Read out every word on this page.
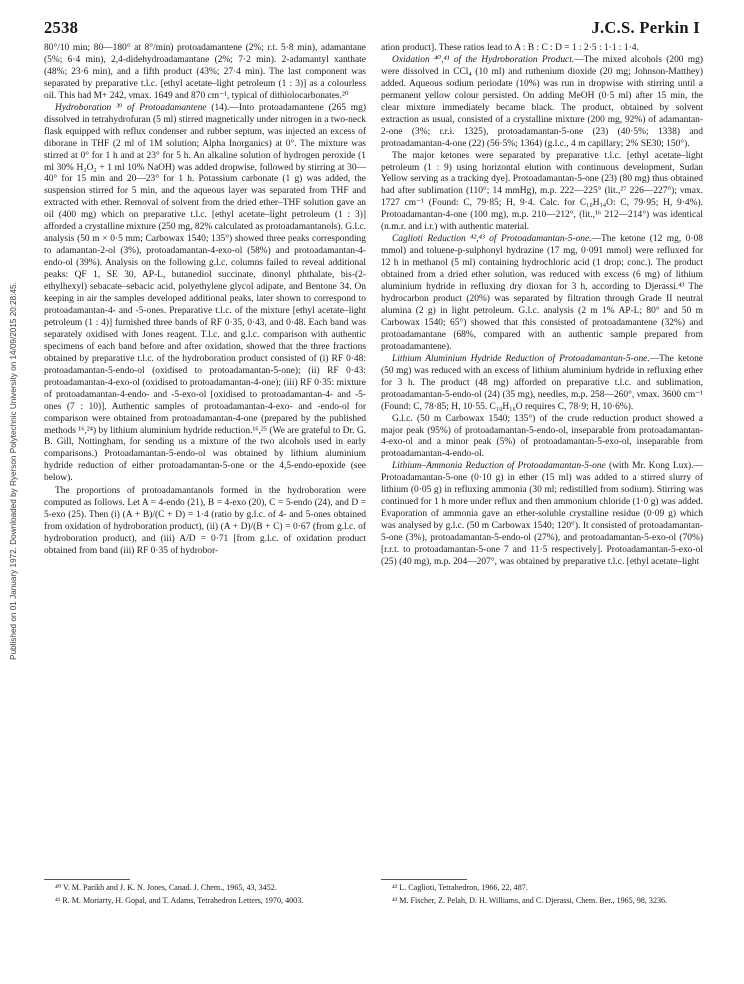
2538	J.C.S. Perkin I
Published on 01 January 1972. Downloaded by Ryerson Polytechnic University on 14/09/2015 20:28:45.

80°/10 min; 80—180° at 8°/min) protoadamantene (2%; r.t. 5·8 min), adamantane (5%; 6·4 min), 2,4-didehydroadamantane (2%; 7·2 min). 2-adamantyl xanthate (48%; 23·6 min), and a fifth product (43%; 27·4 min). The last component was separated by preparative t.l.c. [ethyl acetate–light petroleum (1 : 3)] as a colourless oil. This had M+ 242, νmax. 1649 and 870 cm⁻¹, typical of dithiolocarbonates.²⁰

Hydroboration ³⁹ of Protoadamantene (14).—Into protoadamantene (265 mg) dissolved in tetrahydrofuran (5 ml) stirred magnetically under nitrogen in a two-neck flask equipped with reflux condenser and rubber septum, was injected an excess of diborane in THF (2 ml of 1M solution; Alpha Inorganics) at 0°. The mixture was stirred at 0° for 1 h and at 23° for 5 h. An alkaline solution of hydrogen peroxide (1 ml 30% H₂O₂ + 1 ml 10% NaOH) was added dropwise, followed by stirring at 30—40° for 15 min and 20—23° for 1 h. Potassium carbonate (1 g) was added, the suspension stirred for 5 min, and the aqueous layer was separated from THF and extracted with ether. Removal of solvent from the dried ether–THF solution gave an oil (400 mg) which on preparative t.l.c. [ethyl acetate–light petroleum (1 : 3)] afforded a crystalline mixture (250 mg, 82% calculated as protoadamantanols). G.l.c. analysis (50 m × 0·5 mm; Carbowax 1540; 135°) showed three peaks corresponding to adamantan-2-ol (3%), protoadamantan-4-exo-ol (58%) and protoadamantan-4-endo-ol (39%). Analysis on the following g.l.c. columns failed to reveal additional peaks: QF 1, SE 30, AP-L, butanediol succinate, dinonyl phthalate, bis-(2-ethylhexyl) sebacate–sebacic acid, polyethylene glycol adipate, and Bentone 34. On keeping in air the samples developed additional peaks, later shown to correspond to protoadamantan-4- and -5-ones. Preparative t.l.c. of the mixture [ethyl acetate–light petroleum (1 : 4)] furnished three bands of RF 0·35, 0·43, and 0·48. Each band was separately oxidised with Jones reagent. T.l.c. and g.l.c. comparison with authentic specimens of each band before and after oxidation, showed that the three fractions obtained by preparative t.l.c. of the hydroboration product consisted of (i) RF 0·48: protoadamantan-5-endo-ol (oxidised to protoadamantan-5-one); (ii) RF 0·43: protoadamantan-4-exo-ol (oxidised to protoadamantan-4-one); (iii) RF 0·35: mixture of protoadamantan-4-endo- and -5-exo-ol [oxidised to protoadamantan-4- and -5-ones (7 : 10)]. Authentic samples of protoadamantan-4-exo- and -endo-ol for comparison were obtained from protoadamantan-4-one (prepared by the published methods ¹⁶,²⁴) by lithium aluminium hydride reduction.¹⁶,²⁵ (We are grateful to Dr. G. B. Gill, Nottingham, for sending us a mixture of the two alcohols used in early comparisons.) Protoadamantan-5-endo-ol was obtained by lithium aluminium hydride reduction of either protoadamantan-5-one or the 4,5-endo-epoxide (see below).

The proportions of protoadamantanols formed in the hydroboration were computed as follows. Let A = 4-endo (21), B = 4-exo (20), C = 5-endo (24), and D = 5-exo (25). Then (i) (A + B)/(C + D) = 1·4 (ratio by g.l.c. of 4- and 5-ones obtained from oxidation of hydroboration product), (ii) (A + D)/(B + C) = 0·67 (from g.l.c. of hydroboration product), and (iii) A/D = 0·71 [from g.l.c. of oxidation product obtained from band (iii) RF 0·35 of hydrobor-

ation product]. These ratios lead to A : B : C : D = 1 : 2·5 : 1·1 : 1·4.

Oxidation ⁴⁰,⁴¹ of the Hydroboration Product.—The mixed alcohols (200 mg) were dissolved in CCl₄ (10 ml) and ruthenium dioxide (20 mg; Johnson-Matthey) added. Aqueous sodium periodate (10%) was run in dropwise with stirring until a permanent yellow colour persisted. On adding MeOH (0·5 ml) after 15 min, the clear mixture immediately became black. The product, obtained by solvent extraction as usual, consisted of a crystalline mixture (200 mg, 92%) of adamantan-2-one (3%; r.r.i. 1325), protoadamantan-5-one (23) (40·5%; 1338) and protoadamantan-4-one (22) (56·5%; 1364) (g.l.c., 4 m capillary; 2% SE30; 150°).

The major ketones were separated by preparative t.l.c. [ethyl acetate–light petroleum (1 : 9) using horizontal elution with continuous development, Sudan Yellow serving as a tracking dye]. Protoadamantan-5-one (23) (80 mg) thus obtained had after sublimation (110°; 14 mmHg), m.p. 222—225° (lit.,²⁷ 226—227°); νmax. 1727 cm⁻¹ (Found: C, 79·85; H, 9·4. Calc. for C₁₀H₁₄O: C, 79·95; H, 9·4%). Protoadamantan-4-one (100 mg), m.p. 210—212°, (lit.,¹⁶ 212—214°) was identical (n.m.r. and i.r.) with authentic material.

Caglioti Reduction ⁴²,⁴³ of Protoadamantan-5-one.—The ketone (12 mg, 0·08 mmol) and toluene-p-sulphonyl hydrazine (17 mg, 0·091 mmol) were refluxed for 12 h in methanol (5 ml) containing hydrochloric acid (1 drop; conc.). The product obtained from a dried ether solution, was reduced with excess (6 mg) of lithium aluminium hydride in refluxing dry dioxan for 3 h, according to Djerassi.⁴³ The hydrocarbon product (20%) was separated by filtration through Grade II neutral alumina (2 g) in light petroleum. G.l.c. analysis (2 m 1% AP-L; 80° and 50 m Carbowax 1540; 65°) showed that this consisted of protoadamantene (32%) and protoadamantane (68%, compared with an authentic sample prepared from protoadamantene).

Lithium Aluminium Hydride Reduction of Protoadamantan-5-one.—The ketone (50 mg) was reduced with an excess of lithium aluminium hydride in refluxing ether for 3 h. The product (48 mg) afforded on preparative t.l.c. and sublimation, protoadamantan-5-endo-ol (24) (35 mg), needles, m.p. 258—260°, νmax. 3600 cm⁻¹ (Found: C, 78·85; H, 10·55. C₁₀H₁₆O requires C, 78·9; H, 10·6%).

G.l.c. (50 m Carbowax 1540; 135°) of the crude reduction product showed a major peak (95%) of protoadamantan-5-endo-ol, inseparable from protoadamantan-4-exo-ol and a minor peak (5%) of protoadamantan-5-exo-ol, inseparable from protoadamantan-4-endo-ol.

Lithium–Ammonia Reduction of Protoadamantan-5-one (with Mr. Kong Lux).—Protoadamantan-5-one (0·10 g) in ether (15 ml) was added to a stirred slurry of lithium (0·05 g) in refluxing ammonia (30 ml; redistilled from sodium). Stirring was continued for 1 h more under reflux and then ammonium chloride (1·0 g) was added. Evaporation of ammonia gave an ether-soluble crystalline residue (0·09 g) which was analysed by g.l.c. (50 m Carbowax 1540; 120°). It consisted of protoadamantan-5-one (3%), protoadamantan-5-endo-ol (27%), and protoadamantan-5-exo-ol (70%) [r.r.t. to protoadamantan-5-one 7 and 11·5 respectively]. Protoadamantan-5-exo-ol (25) (40 mg), m.p. 204—207°, was obtained by preparative t.l.c. [ethyl acetate–light

⁴⁰ V. M. Parikh and J. K. N. Jones, Canad. J. Chem., 1965, 43, 3452.

⁴¹ R. M. Moriarty, H. Gopal, and T. Adams, Tetrahedron Letters, 1970, 4003.

⁴² L. Caglioti, Tetrahedron, 1966, 22, 487.

⁴³ M. Fischer, Z. Pelah, D. H. Williams, and C. Djerassi, Chem. Ber., 1965, 98, 3236.
